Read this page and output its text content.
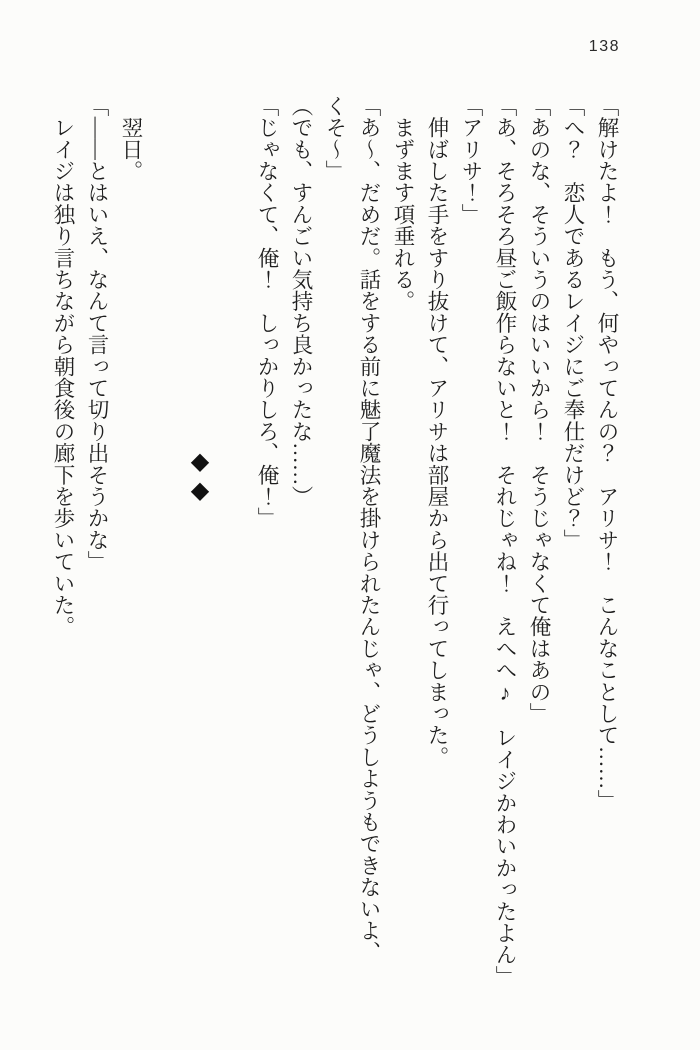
138

「解けたよ！　もう、何やってんの？　アリサ！　こんなことして……」

「へ？　恋人であるレイジにご奉仕だけど？」

「あのな、そういうのはいいから！　そうじゃなくて俺はあの」

「あ、そろそろ昼ご飯作らないと！　それじゃね！　えへへ♪　レイジかわいかったよん」

「アリサ！」

　伸ばした手をすり抜けて、アリサは部屋から出て行ってしまった。

　まずます項垂れる。

「あ〜、だめだ。話をする前に魅了魔法を掛けられたんじゃ、どうしようもできないよ、

くそ〜」

（でも、すんごい気持ち良かったな……）

「じゃなくて、俺！　しっかりしろ、俺！」

◆◆

　翌日。

「――とはいえ、なんて言って切り出そうかな」

　レイジは独り言ちながら朝食後の廊下を歩いていた。
